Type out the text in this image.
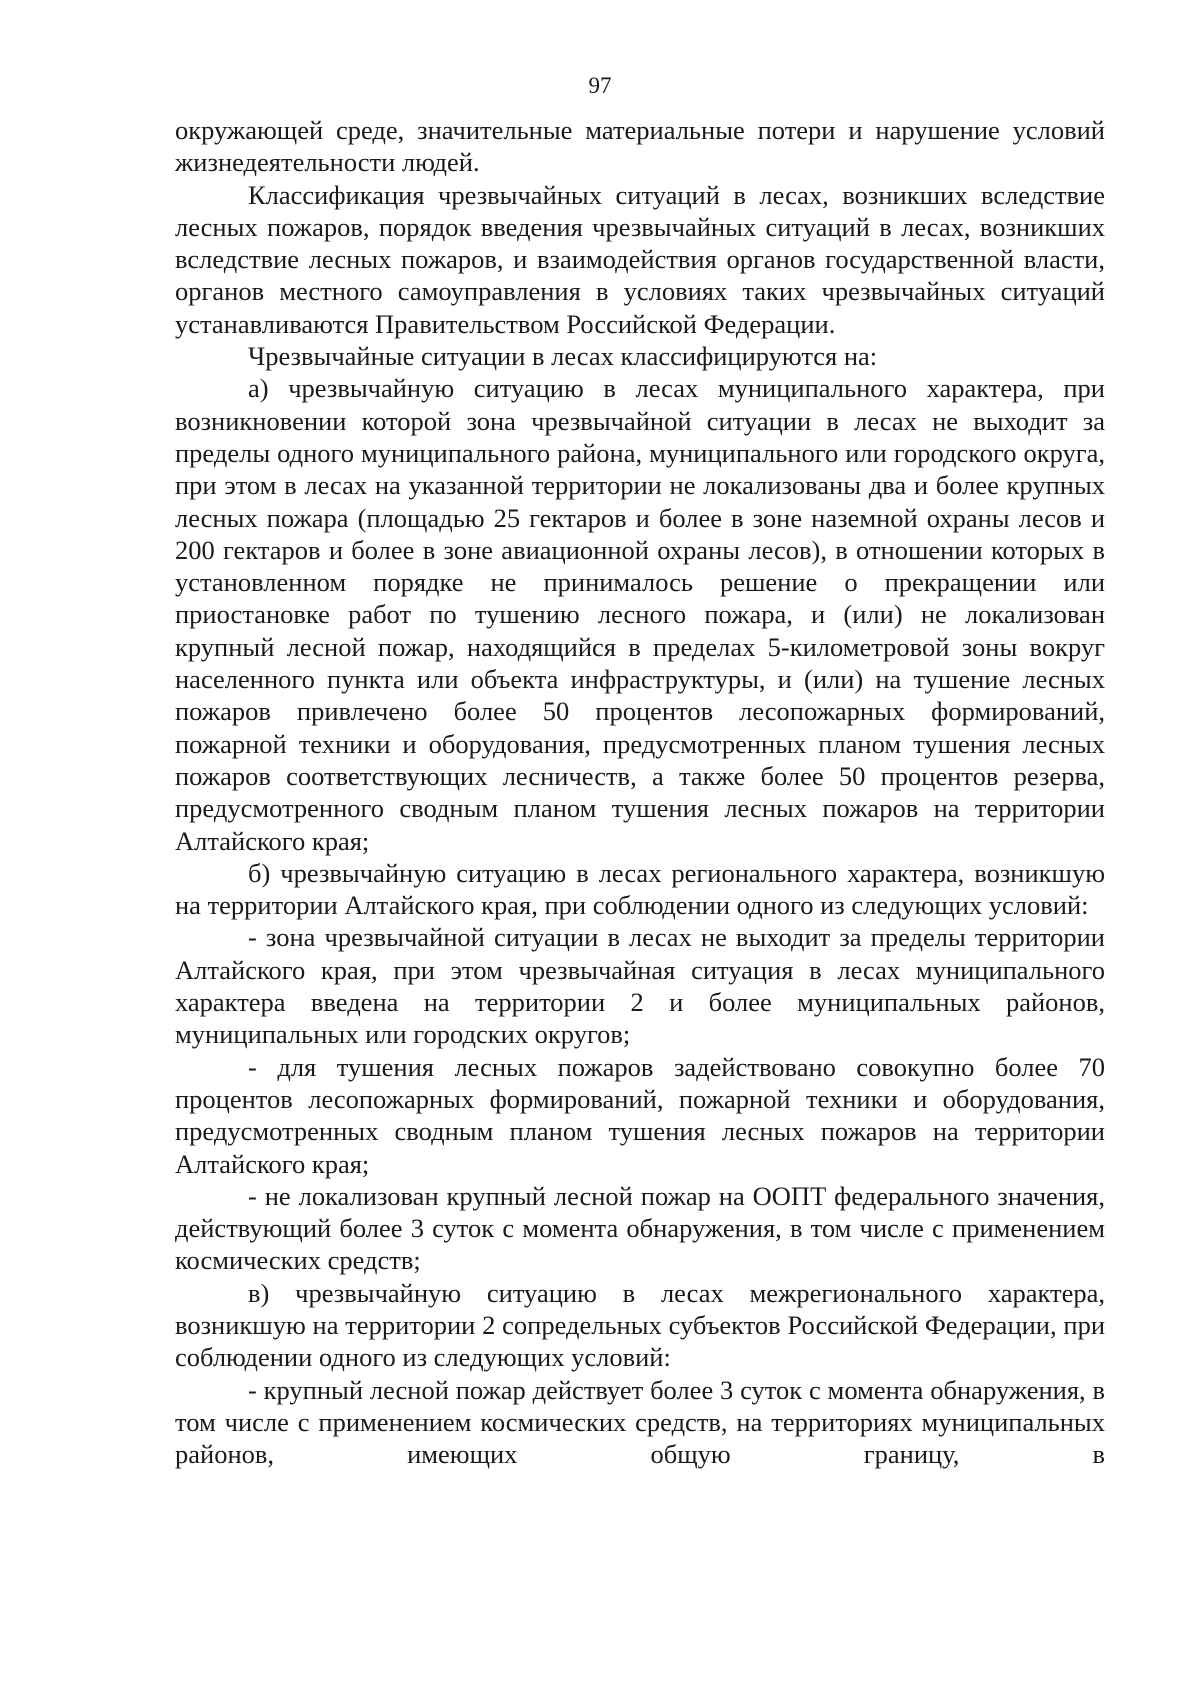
97

окружающей среде, значительные материальные потери и нарушение условий жизнедеятельности людей.

Классификация чрезвычайных ситуаций в лесах, возникших вследствие лесных пожаров, порядок введения чрезвычайных ситуаций в лесах, возникших вследствие лесных пожаров, и взаимодействия органов государственной власти, органов местного самоуправления в условиях таких чрезвычайных ситуаций устанавливаются Правительством Российской Федерации.

Чрезвычайные ситуации в лесах классифицируются на:

а) чрезвычайную ситуацию в лесах муниципального характера, при возникновении которой зона чрезвычайной ситуации в лесах не выходит за пределы одного муниципального района, муниципального или городского округа, при этом в лесах на указанной территории не локализованы два и более крупных лесных пожара (площадью 25 гектаров и более в зоне наземной охраны лесов и 200 гектаров и более в зоне авиационной охраны лесов), в отношении которых в установленном порядке не принималось решение о прекращении или приостановке работ по тушению лесного пожара, и (или) не локализован крупный лесной пожар, находящийся в пределах 5-километровой зоны вокруг населенного пункта или объекта инфраструктуры, и (или) на тушение лесных пожаров привлечено более 50 процентов лесопожарных формирований, пожарной техники и оборудования, предусмотренных планом тушения лесных пожаров соответствующих лесничеств, а также более 50 процентов резерва, предусмотренного сводным планом тушения лесных пожаров на территории Алтайского края;

б) чрезвычайную ситуацию в лесах регионального характера, возникшую на территории Алтайского края, при соблюдении одного из следующих условий:

- зона чрезвычайной ситуации в лесах не выходит за пределы территории Алтайского края, при этом чрезвычайная ситуация в лесах муниципального характера введена на территории 2 и более муниципальных районов, муниципальных или городских округов;

- для тушения лесных пожаров задействовано совокупно более 70 процентов лесопожарных формирований, пожарной техники и оборудования, предусмотренных сводным планом тушения лесных пожаров на территории Алтайского края;

- не локализован крупный лесной пожар на ООПТ федерального значения, действующий более 3 суток с момента обнаружения, в том числе с применением космических средств;

в) чрезвычайную ситуацию в лесах межрегионального характера, возникшую на территории 2 сопредельных субъектов Российской Федерации, при соблюдении одного из следующих условий:

- крупный лесной пожар действует более 3 суток с момента обнаружения, в том числе с применением космических средств, на территориях муниципальных районов, имеющих общую границу, в
